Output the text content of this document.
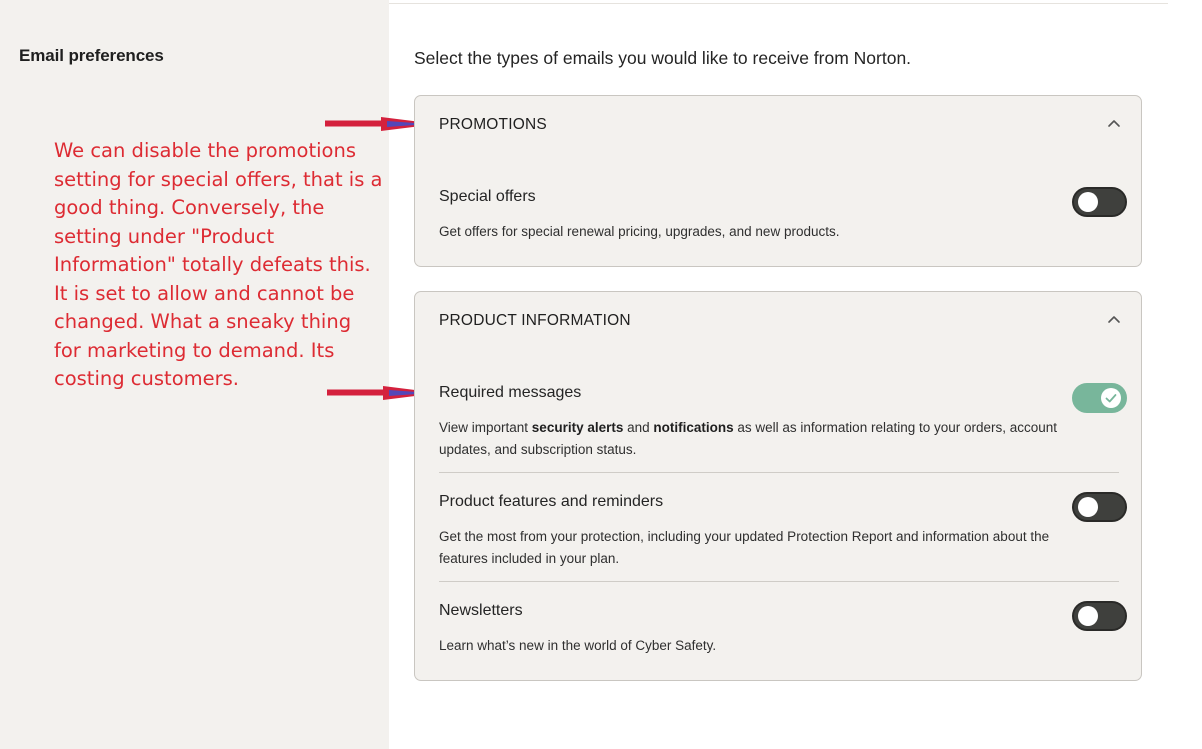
Email preferences
We can disable the promotions setting for special offers, that is a good thing. Conversely, the setting under "Product Information" totally defeats this. It is set to allow and cannot be changed. What a sneaky thing for marketing to demand. Its costing customers.
Select the types of emails you would like to receive from Norton.
PROMOTIONS
Special offers
Get offers for special renewal pricing, upgrades, and new products.
PRODUCT INFORMATION
Required messages
View important security alerts and notifications as well as information relating to your orders, account updates, and subscription status.
Product features and reminders
Get the most from your protection, including your updated Protection Report and information about the features included in your plan.
Newsletters
Learn what’s new in the world of Cyber Safety.
